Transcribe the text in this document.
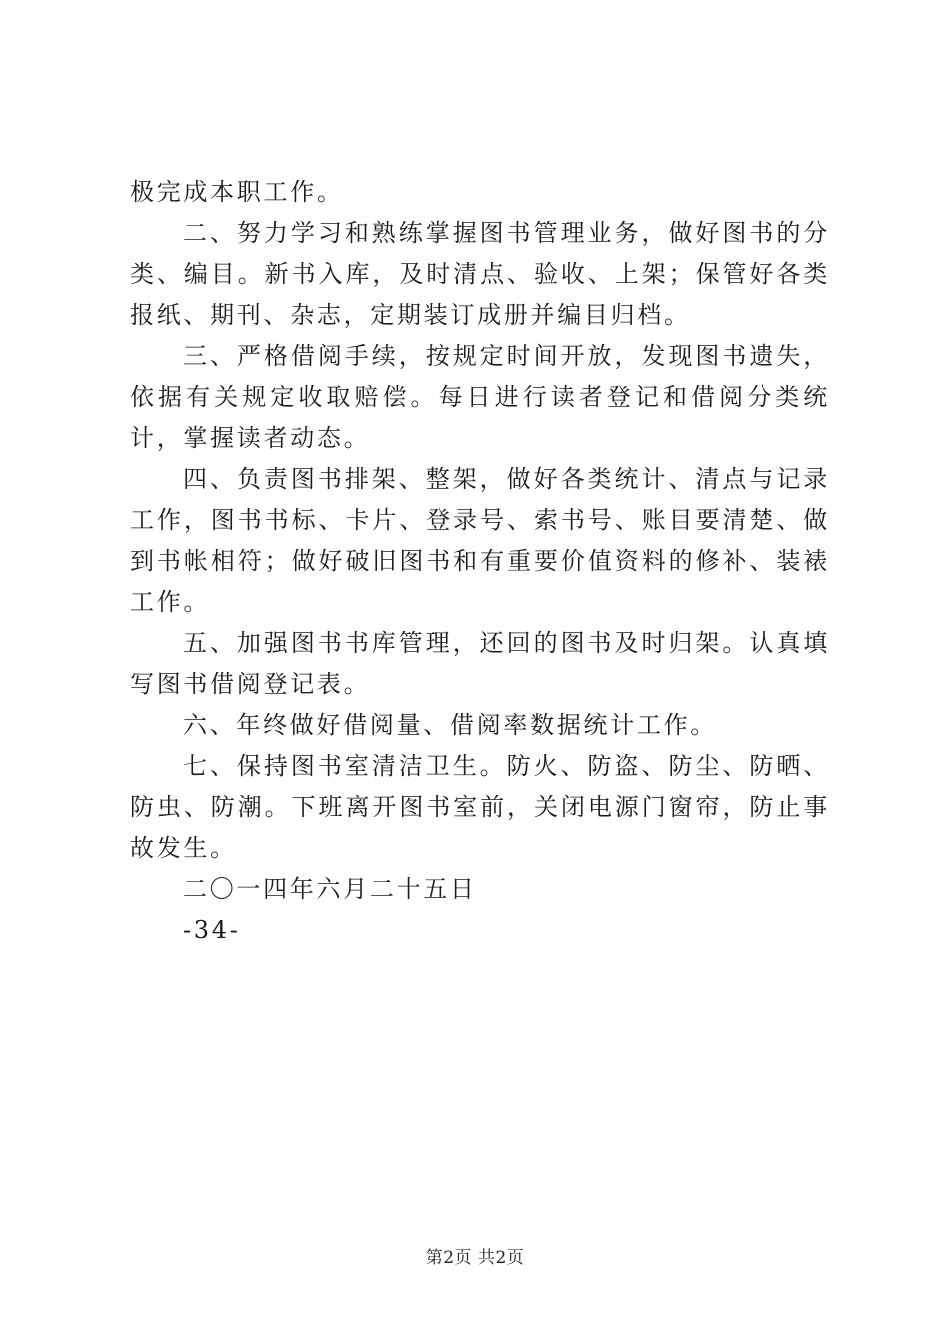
极完成本职工作。

二、努力学习和熟练掌握图书管理业务，做好图书的分类、编目。新书入库，及时清点、验收、上架；保管好各类报纸、期刊、杂志，定期装订成册并编目归档。

三、严格借阅手续，按规定时间开放，发现图书遗失，依据有关规定收取赔偿。每日进行读者登记和借阅分类统计，掌握读者动态。

四、负责图书排架、整架，做好各类统计、清点与记录工作，图书书标、卡片、登录号、索书号、账目要清楚、做到书帐相符；做好破旧图书和有重要价值资料的修补、装裱工作。

五、加强图书书库管理，还回的图书及时归架。认真填写图书借阅登记表。

六、年终做好借阅量、借阅率数据统计工作。

七、保持图书室清洁卫生。防火、防盗、防尘、防晒、防虫、防潮。下班离开图书室前，关闭电源门窗帘，防止事故发生。

二〇一四年六月二十五日

-34-

第2页 共2页
